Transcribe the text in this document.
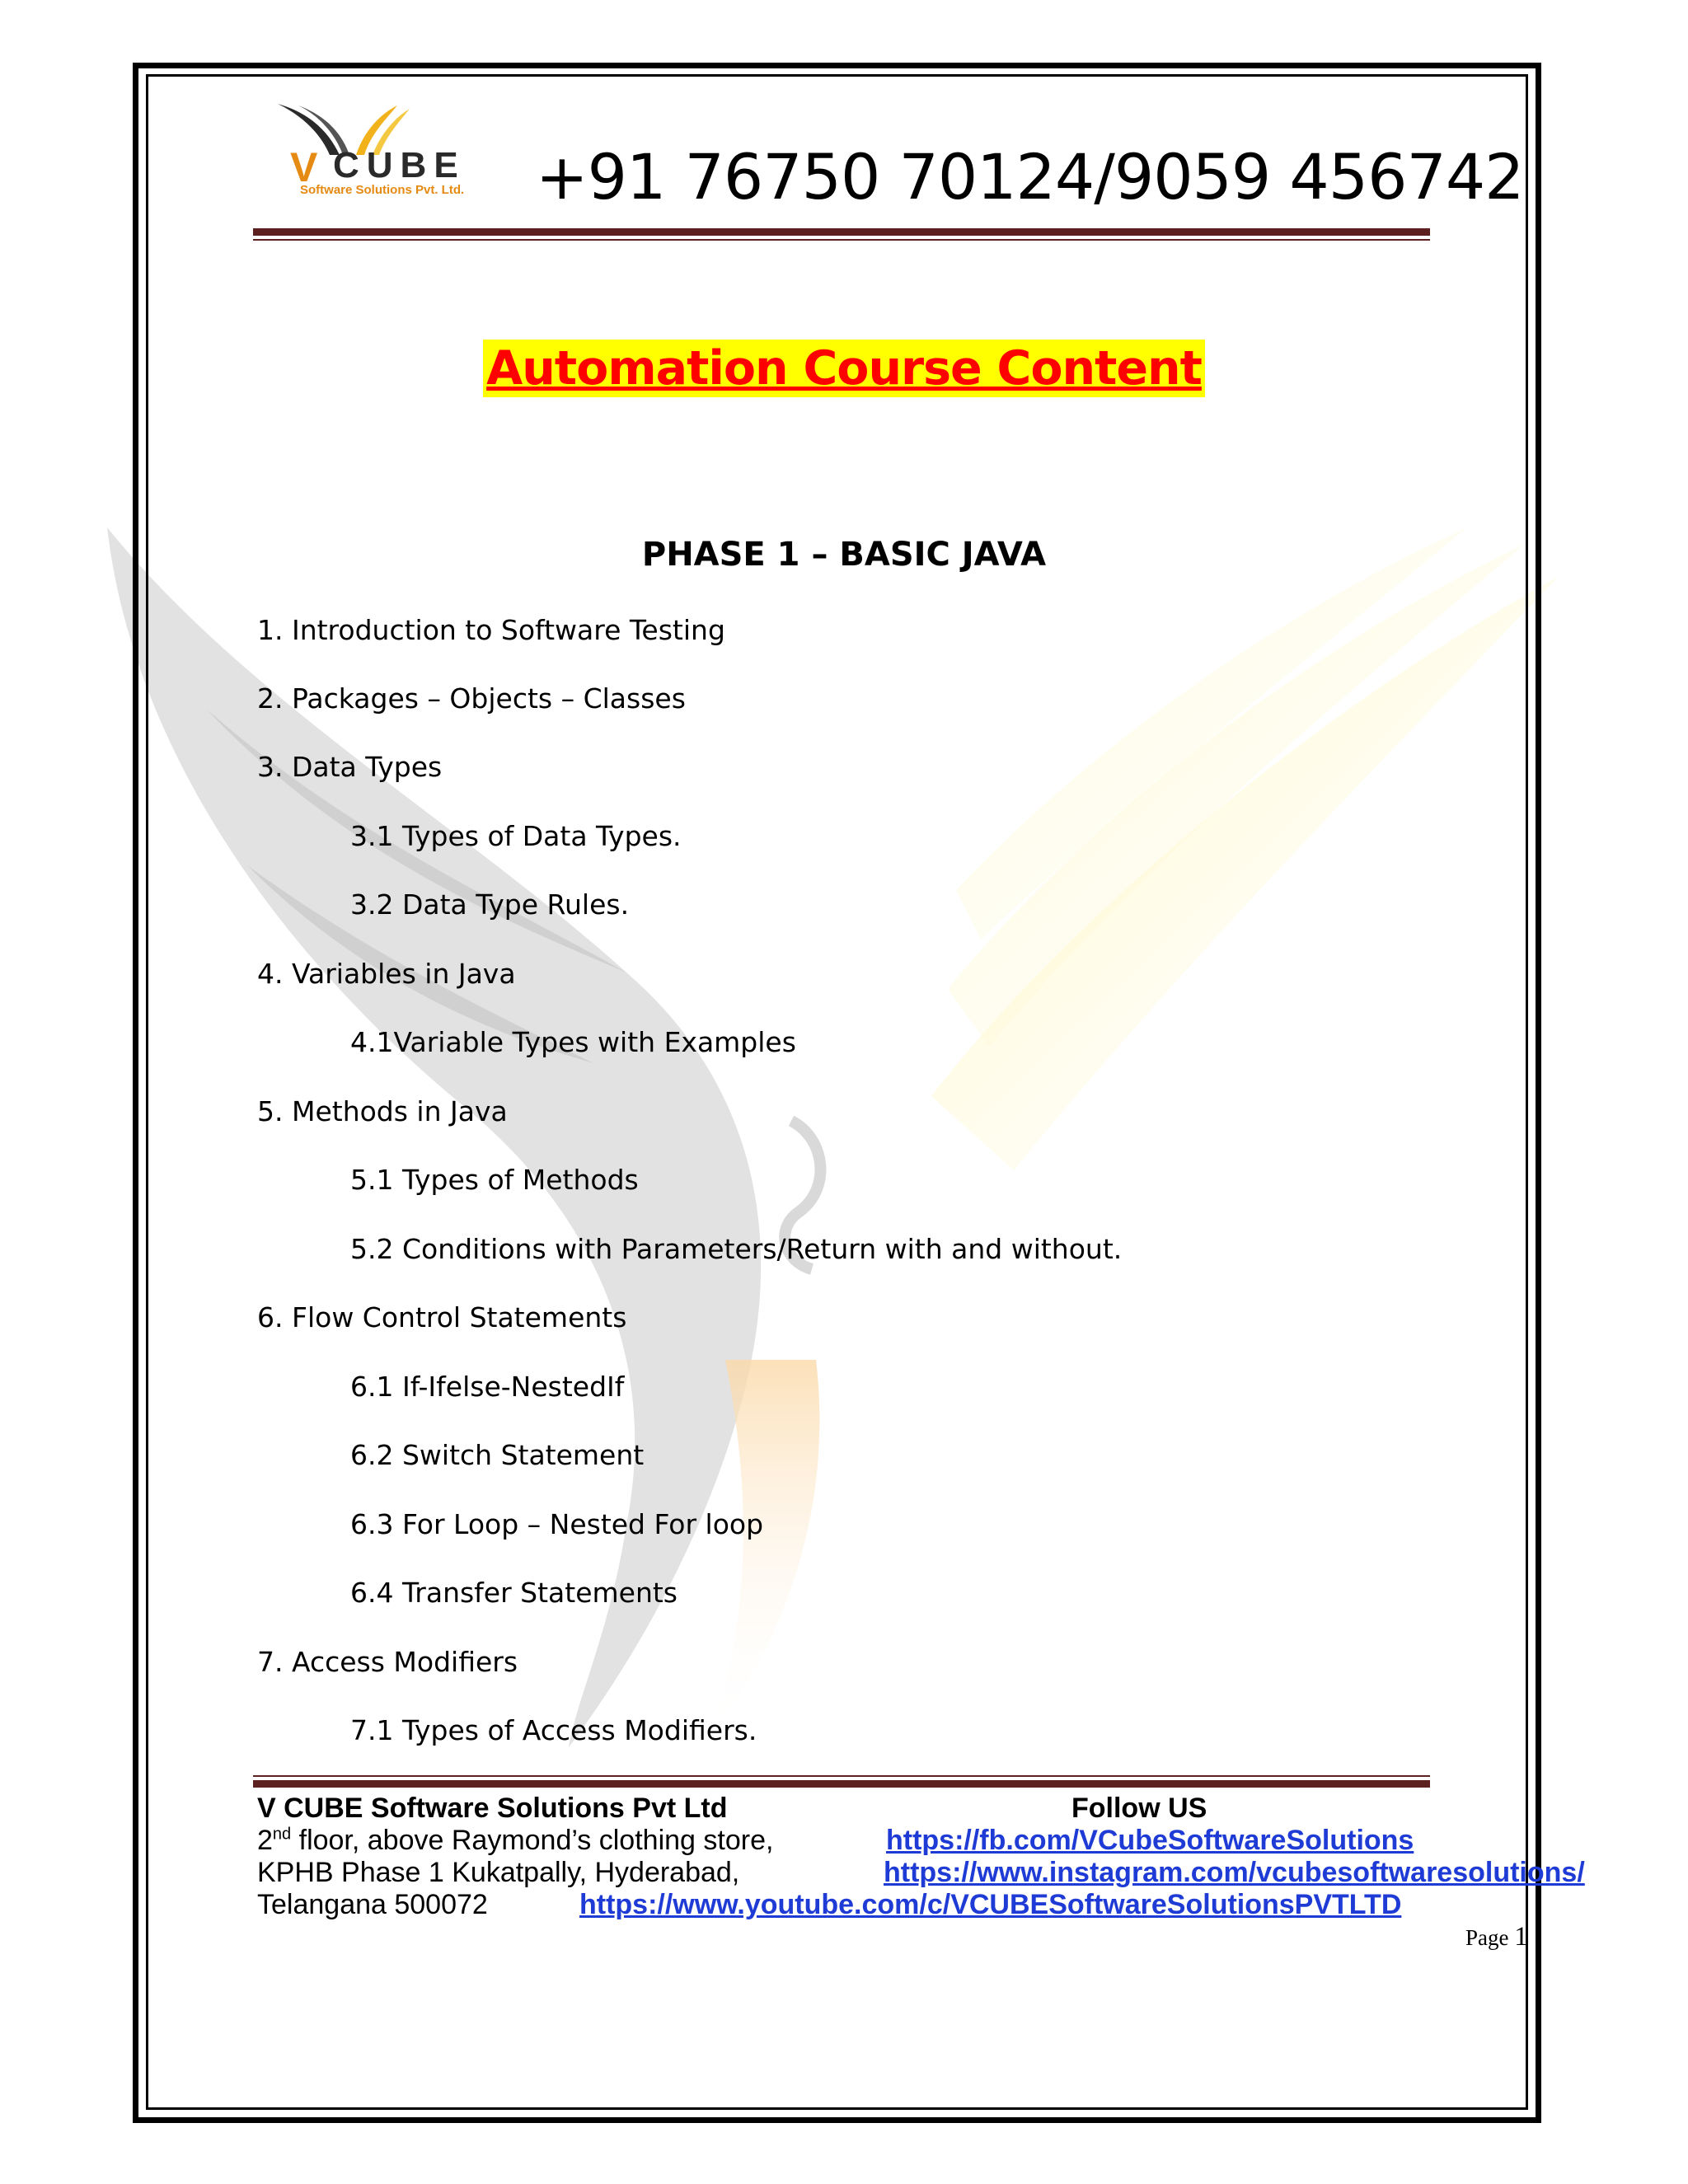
V CUBE
Software Solutions Pvt. Ltd. +91 76750 70124/9059 456742
Automation Course Content
PHASE 1 – BASIC JAVA
1. Introduction to Software Testing
2. Packages – Objects – Classes
3. Data Types
3.1 Types of Data Types.
3.2 Data Type Rules.
4. Variables in Java
4.1Variable Types with Examples
5. Methods in Java
5.1 Types of Methods
5.2 Conditions with Parameters/Return with and without.
6. Flow Control Statements
6.1 If-Ifelse-NestedIf
6.2 Switch Statement
6.3 For Loop – Nested For loop
6.4 Transfer Statements
7. Access Modifiers
7.1 Types of Access Modifiers.
V CUBE Software Solutions Pvt Ltd	Follow US
2nd floor, above Raymond’s clothing store,	https://fb.com/VCubeSoftwareSolutions
KPHB Phase 1 Kukatpally, Hyderabad,	https://www.instagram.com/vcubesoftwaresolutions/
Telangana 500072	https://www.youtube.com/c/VCUBESoftwareSolutionsPVTLTD
Page 1
